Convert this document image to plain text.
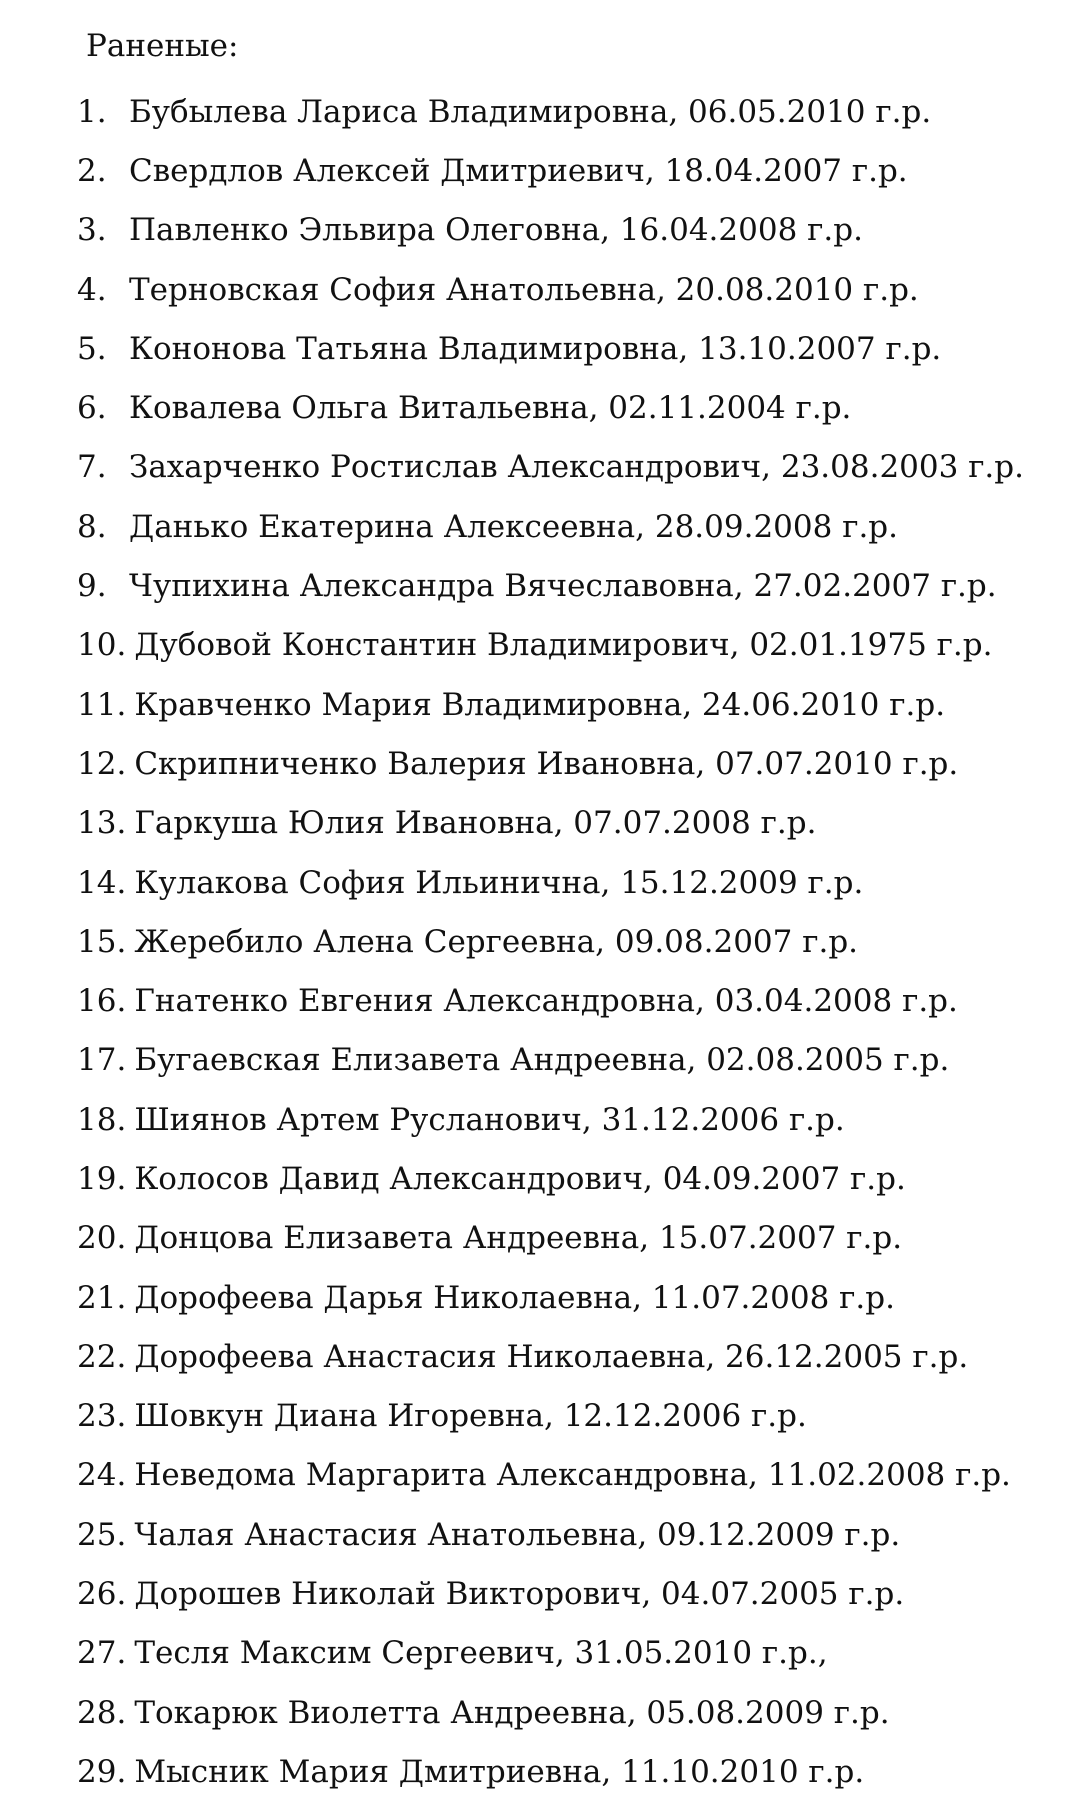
Раненые:
1. Бубылева Лариса Владимировна, 06.05.2010 г.р.
2. Свердлов Алексей Дмитриевич, 18.04.2007 г.р.
3. Павленко Эльвира Олеговна, 16.04.2008 г.р.
4. Терновская София Анатольевна, 20.08.2010 г.р.
5. Кононова Татьяна Владимировна, 13.10.2007 г.р.
6. Ковалева Ольга Витальевна, 02.11.2004 г.р.
7. Захарченко Ростислав Александрович, 23.08.2003 г.р.
8. Данько Екатерина Алексеевна, 28.09.2008 г.р.
9. Чупихина Александра Вячеславовна, 27.02.2007 г.р.
10. Дубовой Константин Владимирович, 02.01.1975 г.р.
11. Кравченко Мария Владимировна, 24.06.2010 г.р.
12. Скрипниченко Валерия Ивановна, 07.07.2010 г.р.
13. Гаркуша Юлия Ивановна, 07.07.2008 г.р.
14. Кулакова София Ильинична, 15.12.2009 г.р.
15. Жеребило Алена Сергеевна, 09.08.2007 г.р.
16. Гнатенко Евгения Александровна, 03.04.2008 г.р.
17. Бугаевская Елизавета Андреевна, 02.08.2005 г.р.
18. Шиянов Артем Русланович, 31.12.2006 г.р.
19. Колосов Давид Александрович, 04.09.2007 г.р.
20. Донцова Елизавета Андреевна, 15.07.2007 г.р.
21. Дорофеева Дарья Николаевна, 11.07.2008 г.р.
22. Дорофеева Анастасия Николаевна, 26.12.2005 г.р.
23. Шовкун Диана Игоревна, 12.12.2006 г.р.
24. Неведома Маргарита Александровна, 11.02.2008 г.р.
25. Чалая Анастасия Анатольевна, 09.12.2009 г.р.
26. Дорошев Николай Викторович, 04.07.2005 г.р.
27. Тесля Максим Сергеевич, 31.05.2010 г.р.,
28. Токарюк Виолетта Андреевна, 05.08.2009 г.р.
29. Мысник Мария Дмитриевна, 11.10.2010 г.р.
